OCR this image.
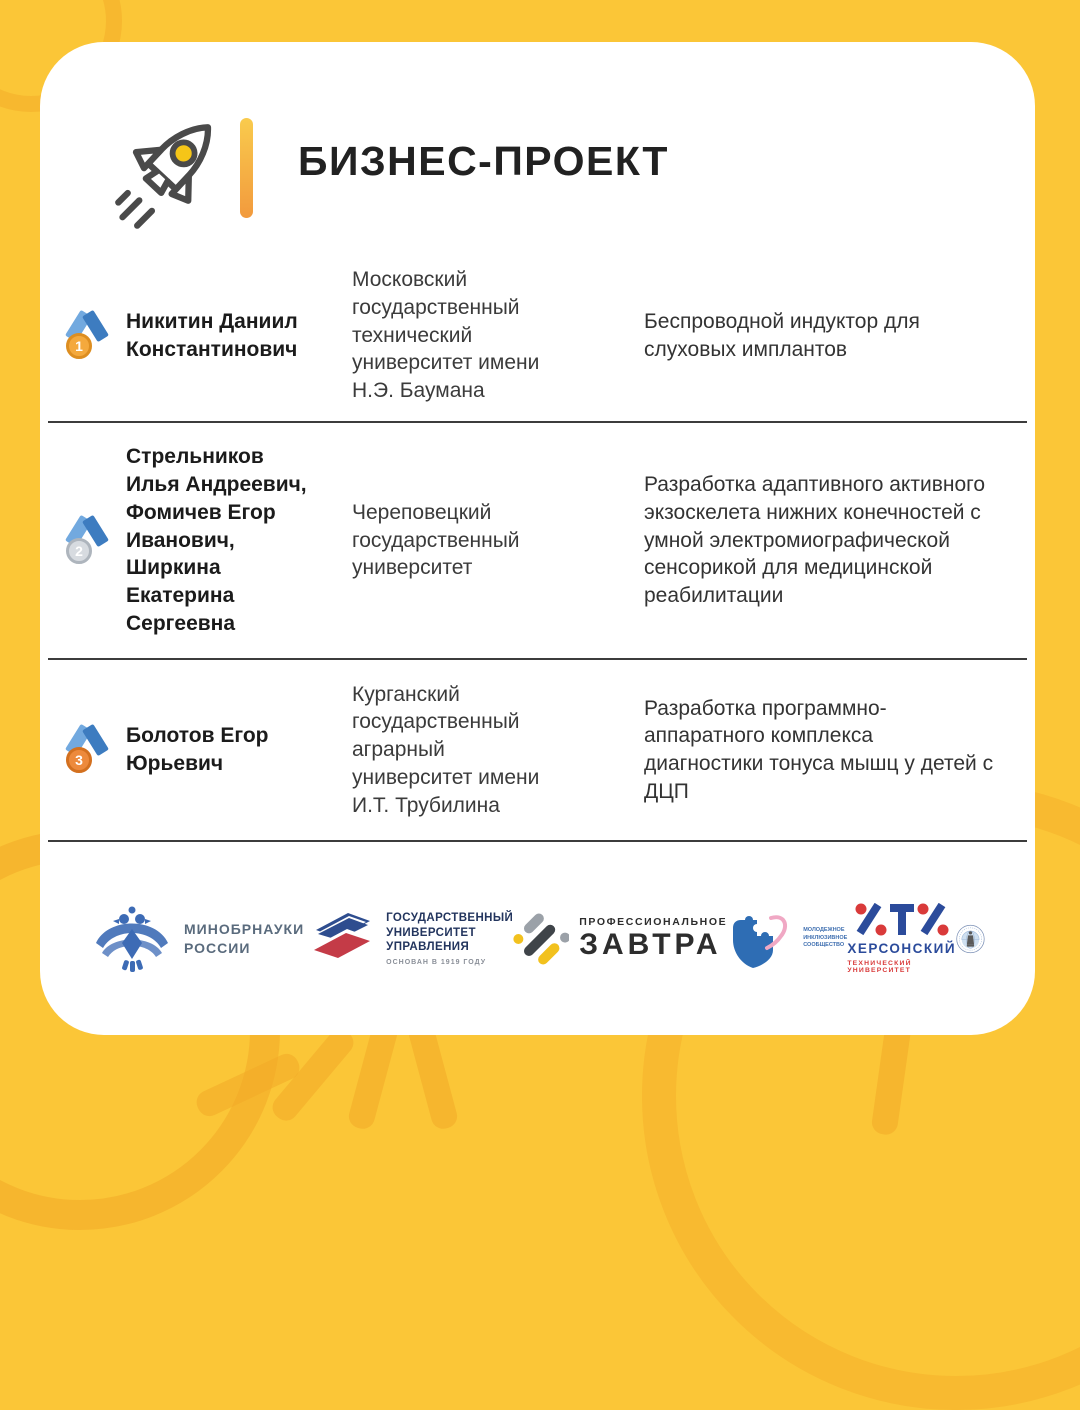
БИЗНЕС-ПРОЕКТ
1
Никитин Даниил Константинович
Московский государственный технический университет имени Н.Э. Баумана
Беспроводной индуктор для слуховых имплантов
2
Стрельников Илья Андреевич, Фомичев Егор Иванович, Ширкина Екатерина Сергеевна
Череповецкий государственный университет
Разработка адаптивного активного экзоскелета нижних конечностей с умной электромиографической сенсорикой для медицинской реабилитации
3
Болотов Егор Юрьевич
Курганский государственный аграрный университет имени И.Т. Трубилина
Разработка программно-аппаратного комплекса диагностики тонуса мышц у детей с ДЦП
МИНОБРНАУКИ
РОССИИ
ГОСУДАРСТВЕННЫЙ
УНИВЕРСИТЕТ
УПРАВЛЕНИЯ
ОСНОВАН В 1919 ГОДУ
ПРОФЕССИОНАЛЬНОЕ
ЗАВТРА	МОЛОДЕЖНОЕ
ИНКЛЮЗИВНОЕ
СООБЩЕСТВО ХЕРСОНСКИЙ
ТЕХНИЧЕСКИЙ УНИВЕРСИТЕТ
